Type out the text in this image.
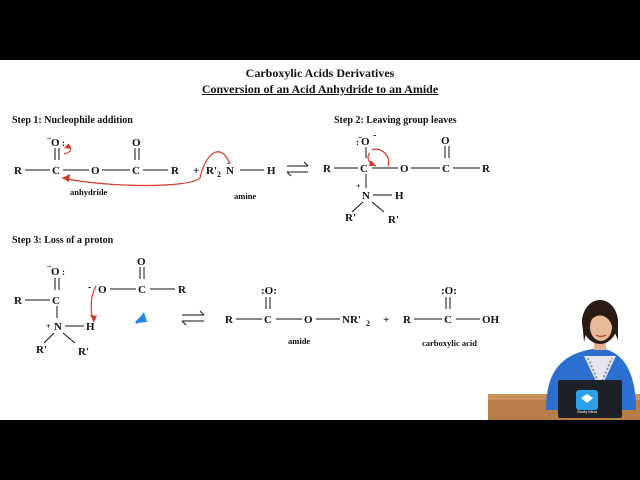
Carboxylic Acids Derivatives
Conversion of an Acid Anhydride to an Amide
Step 1: Nucleophile addition	Step 2: Leaving group leaves
Step 3: Loss of a proton
anhydride	amine
amide	carboxylic acid
R	C
O
..
:
O	C
O
R + R' 2 N
..
H	R	C
O
.. -
:
O	C
O
R
+
N H
R'	R'
O
..
:
R	C
+ N H
R'	R'
- O	C
O
R
R	C
:O:
O	NR' 2 + R	C
:O:
OH
Study Mind
